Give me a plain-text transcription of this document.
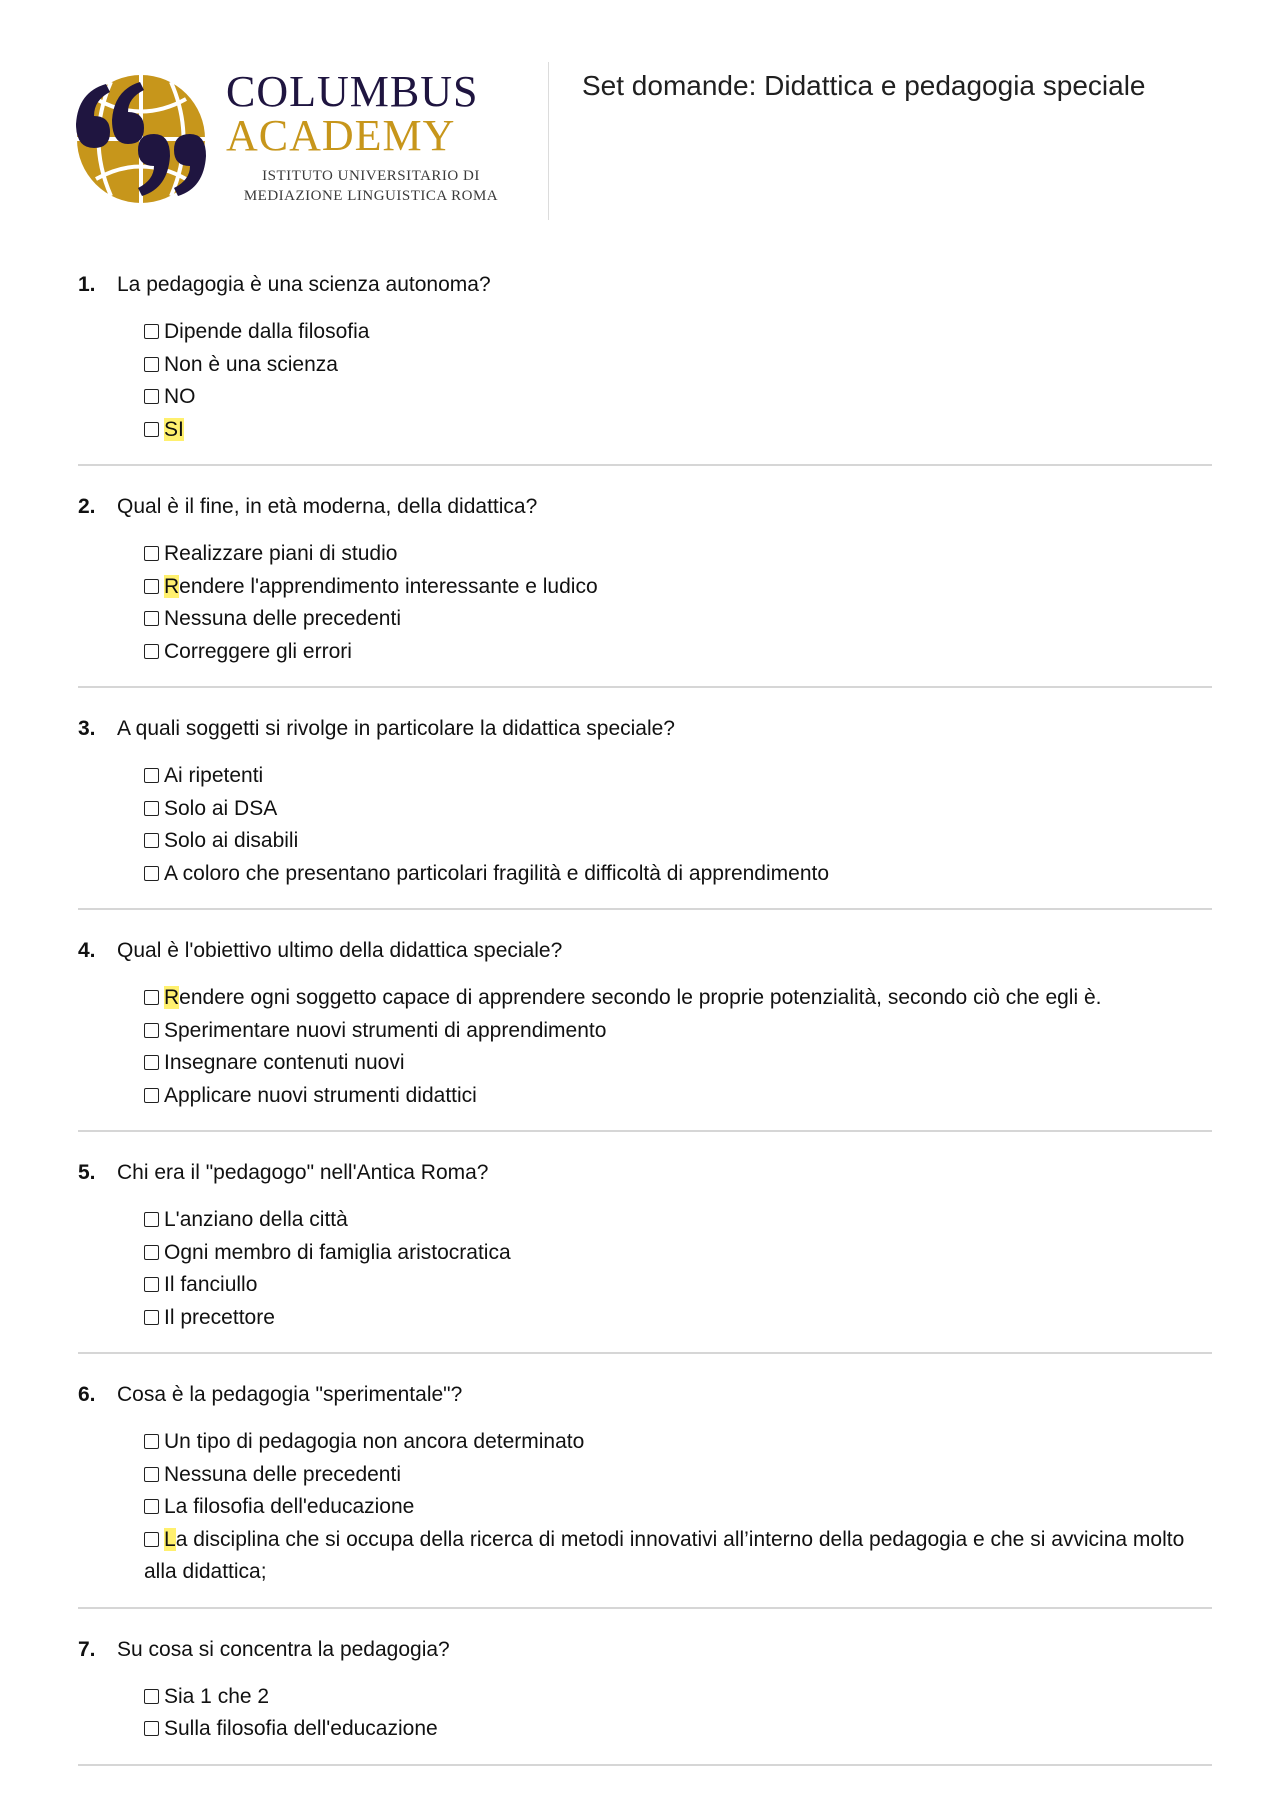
COLUMBUS
ACADEMY
ISTITUTO UNIVERSITARIO DI
MEDIAZIONE LINGUISTICA ROMA
Set domande: Didattica e pedagogia speciale
1.	La pedagogia è una scienza autonoma?
Dipende dalla filosofia
Non è una scienza
NO
SI
2.	Qual è il fine, in età moderna, della didattica?
Realizzare piani di studio
Rendere l'apprendimento interessante e ludico
Nessuna delle precedenti
Correggere gli errori
3.	A quali soggetti si rivolge in particolare la didattica speciale?
Ai ripetenti
Solo ai DSA
Solo ai disabili
A coloro che presentano particolari fragilità e difficoltà di apprendimento
4.	Qual è l'obiettivo ultimo della didattica speciale?
Rendere ogni soggetto capace di apprendere secondo le proprie potenzialità, secondo ciò che egli è.
Sperimentare nuovi strumenti di apprendimento
Insegnare contenuti nuovi
Applicare nuovi strumenti didattici
5.	Chi era il "pedagogo" nell'Antica Roma?
L'anziano della città
Ogni membro di famiglia aristocratica
Il fanciullo
Il precettore
6.	Cosa è la pedagogia "sperimentale"?
Un tipo di pedagogia non ancora determinato
Nessuna delle precedenti
La filosofia dell'educazione
La disciplina che si occupa della ricerca di metodi innovativi all’interno della pedagogia e che si avvicina molto alla didattica;
7.	Su cosa si concentra la pedagogia?
Sia 1 che 2
Sulla filosofia dell'educazione
